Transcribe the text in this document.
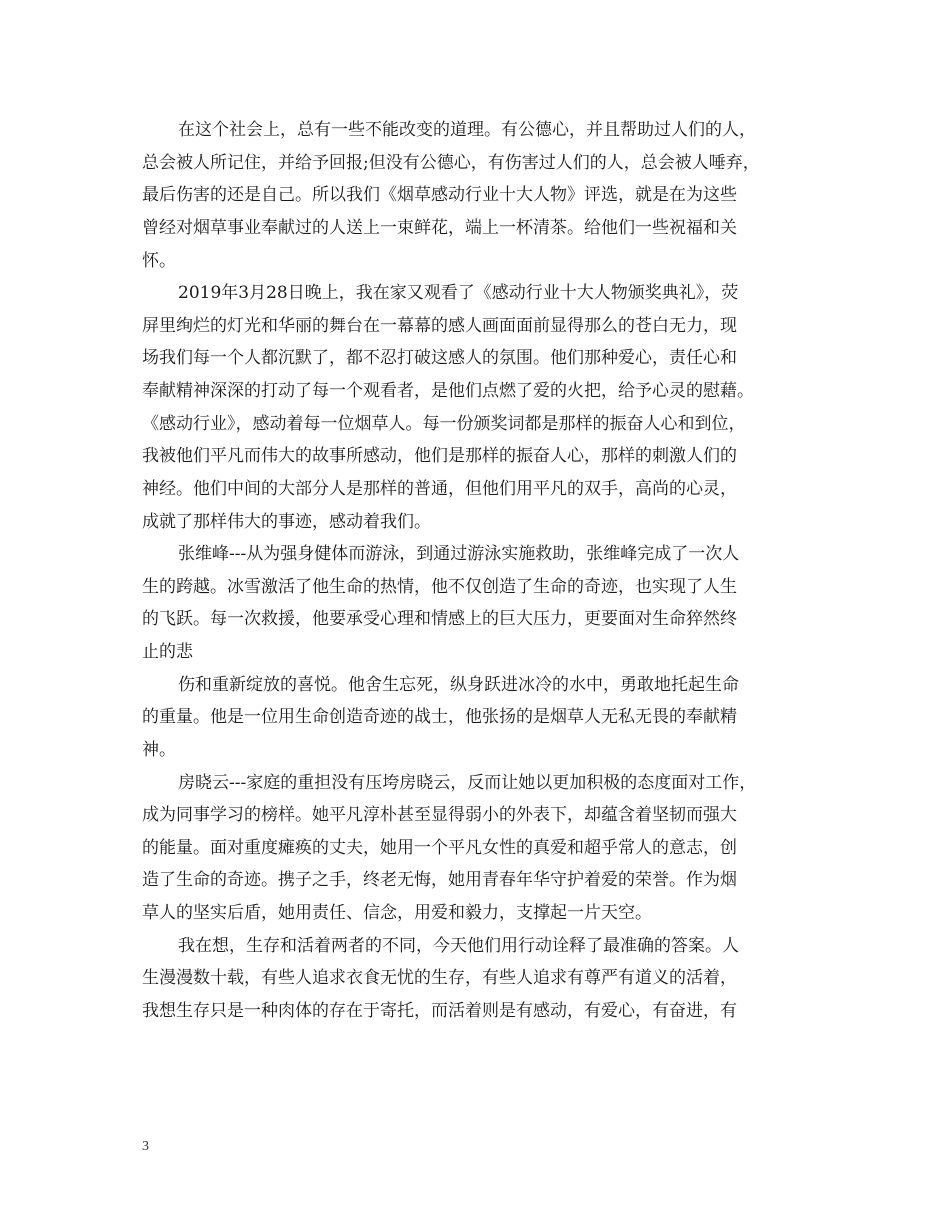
在这个社会上，总有一些不能改变的道理。有公德心，并且帮助过人们的人，
总会被人所记住，并给予回报;但没有公德心，有伤害过人们的人，总会被人唾弃，
最后伤害的还是自己。所以我们《烟草感动行业十大人物》评选，就是在为这些
曾经对烟草事业奉献过的人送上一束鲜花，端上一杯清茶。给他们一些祝福和关
怀。
2019年3月28日晚上，我在家又观看了《感动行业十大人物颁奖典礼》，荧
屏里绚烂的灯光和华丽的舞台在一幕幕的感人画面面前显得那么的苍白无力，现
场我们每一个人都沉默了，都不忍打破这感人的氛围。他们那种爱心，责任心和
奉献精神深深的打动了每一个观看者，是他们点燃了爱的火把，给予心灵的慰藉。
《感动行业》，感动着每一位烟草人。每一份颁奖词都是那样的振奋人心和到位，
我被他们平凡而伟大的故事所感动，他们是那样的振奋人心，那样的刺激人们的
神经。他们中间的大部分人是那样的普通，但他们用平凡的双手，高尚的心灵，
成就了那样伟大的事迹，感动着我们。
张维峰---从为强身健体而游泳，到通过游泳实施救助，张维峰完成了一次人
生的跨越。冰雪激活了他生命的热情，他不仅创造了生命的奇迹，也实现了人生
的飞跃。每一次救援，他要承受心理和情感上的巨大压力，更要面对生命猝然终
止的悲
伤和重新绽放的喜悦。他舍生忘死，纵身跃进冰冷的水中，勇敢地托起生命
的重量。他是一位用生命创造奇迹的战士，他张扬的是烟草人无私无畏的奉献精
神。
房晓云---家庭的重担没有压垮房晓云，反而让她以更加积极的态度面对工作，
成为同事学习的榜样。她平凡淳朴甚至显得弱小的外表下，却蕴含着坚韧而强大
的能量。面对重度瘫痪的丈夫，她用一个平凡女性的真爱和超乎常人的意志，创
造了生命的奇迹。携子之手，终老无悔，她用青春年华守护着爱的荣誉。作为烟
草人的坚实后盾，她用责任、信念，用爱和毅力，支撑起一片天空。
我在想，生存和活着两者的不同，今天他们用行动诠释了最准确的答案。人
生漫漫数十载，有些人追求衣食无忧的生存，有些人追求有尊严有道义的活着，
我想生存只是一种肉体的存在于寄托，而活着则是有感动，有爱心，有奋进，有
3
